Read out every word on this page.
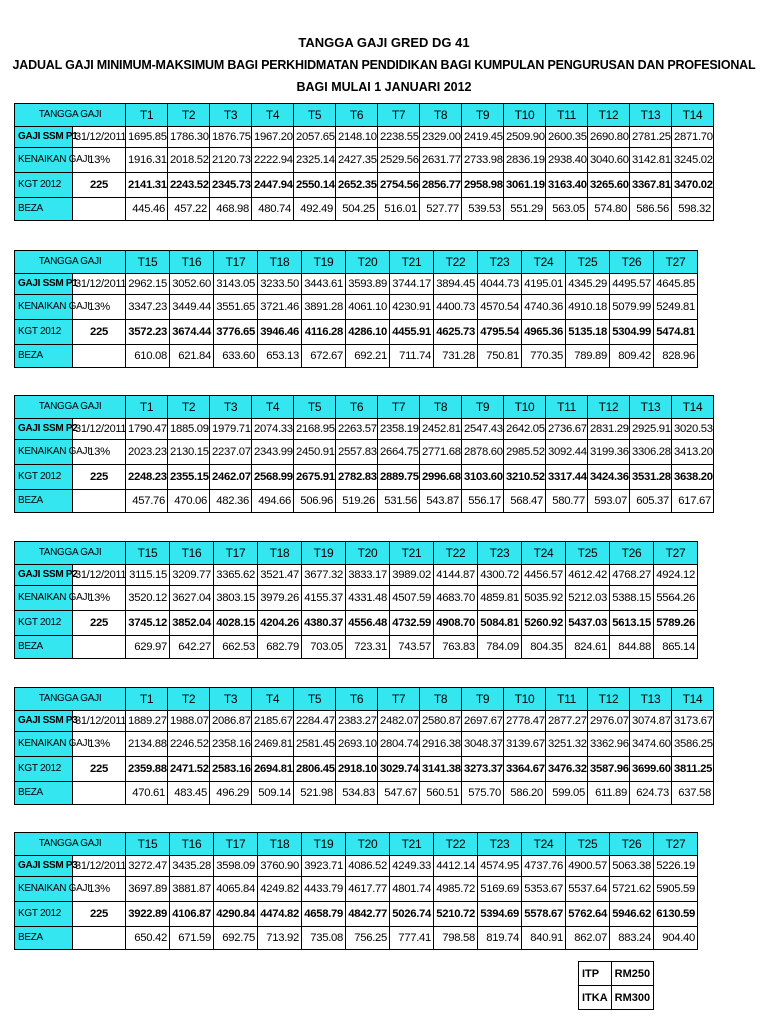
TANGGA GAJI GRED DG 41
JADUAL GAJI MINIMUM-MAKSIMUM BAGI PERKHIDMATAN PENDIDIKAN BAGI KUMPULAN PENGURUSAN DAN PROFESIONAL
BAGI MULAI 1 JANUARI 2012
TANGGA GAJI		T1	T2	T3	T4	T5	T6	T7	T8	T9	T10	T11	T12	T13	T14
GAJI SSM P1	31/12/2011	1695.85	1786.30	1876.75	1967.20	2057.65	2148.10	2238.55	2329.00	2419.45	2509.90	2600.35	2690.80	2781.25	2871.70
KENAIKAN GAJI	13%	1916.31	2018.52	2120.73	2222.94	2325.14	2427.35	2529.56	2631.77	2733.98	2836.19	2938.40	3040.60	3142.81	3245.02
KGT 2012	225	2141.31	2243.52	2345.73	2447.94	2550.14	2652.35	2754.56	2856.77	2958.98	3061.19	3163.40	3265.60	3367.81	3470.02
BEZA		445.46	457.22	468.98	480.74	492.49	504.25	516.01	527.77	539.53	551.29	563.05	574.80	586.56	598.32
TANGGA GAJI		T15	T16	T17	T18	T19	T20	T21	T22	T23	T24	T25	T26	T27
GAJI SSM P1	31/12/2011	2962.15	3052.60	3143.05	3233.50	3443.61	3593.89	3744.17	3894.45	4044.73	4195.01	4345.29	4495.57	4645.85
KENAIKAN GAJI	13%	3347.23	3449.44	3551.65	3721.46	3891.28	4061.10	4230.91	4400.73	4570.54	4740.36	4910.18	5079.99	5249.81
KGT 2012	225	3572.23	3674.44	3776.65	3946.46	4116.28	4286.10	4455.91	4625.73	4795.54	4965.36	5135.18	5304.99	5474.81
BEZA		610.08	621.84	633.60	653.13	672.67	692.21	711.74	731.28	750.81	770.35	789.89	809.42	828.96
TANGGA GAJI		T1	T2	T3	T4	T5	T6	T7	T8	T9	T10	T11	T12	T13	T14
GAJI SSM P2	31/12/2011	1790.47	1885.09	1979.71	2074.33	2168.95	2263.57	2358.19	2452.81	2547.43	2642.05	2736.67	2831.29	2925.91	3020.53
KENAIKAN GAJI	13%	2023.23	2130.15	2237.07	2343.99	2450.91	2557.83	2664.75	2771.68	2878.60	2985.52	3092.44	3199.36	3306.28	3413.20
KGT 2012	225	2248.23	2355.15	2462.07	2568.99	2675.91	2782.83	2889.75	2996.68	3103.60	3210.52	3317.44	3424.36	3531.28	3638.20
BEZA		457.76	470.06	482.36	494.66	506.96	519.26	531.56	543.87	556.17	568.47	580.77	593.07	605.37	617.67
TANGGA GAJI		T15	T16	T17	T18	T19	T20	T21	T22	T23	T24	T25	T26	T27
GAJI SSM P2	31/12/2011	3115.15	3209.77	3365.62	3521.47	3677.32	3833.17	3989.02	4144.87	4300.72	4456.57	4612.42	4768.27	4924.12
KENAIKAN GAJI	13%	3520.12	3627.04	3803.15	3979.26	4155.37	4331.48	4507.59	4683.70	4859.81	5035.92	5212.03	5388.15	5564.26
KGT 2012	225	3745.12	3852.04	4028.15	4204.26	4380.37	4556.48	4732.59	4908.70	5084.81	5260.92	5437.03	5613.15	5789.26
BEZA		629.97	642.27	662.53	682.79	703.05	723.31	743.57	763.83	784.09	804.35	824.61	844.88	865.14
TANGGA GAJI		T1	T2	T3	T4	T5	T6	T7	T8	T9	T10	T11	T12	T13	T14
GAJI SSM P3	31/12/2011	1889.27	1988.07	2086.87	2185.67	2284.47	2383.27	2482.07	2580.87	2697.67	2778.47	2877.27	2976.07	3074.87	3173.67
KENAIKAN GAJI	13%	2134.88	2246.52	2358.16	2469.81	2581.45	2693.10	2804.74	2916.38	3048.37	3139.67	3251.32	3362.96	3474.60	3586.25
KGT 2012	225	2359.88	2471.52	2583.16	2694.81	2806.45	2918.10	3029.74	3141.38	3273.37	3364.67	3476.32	3587.96	3699.60	3811.25
BEZA		470.61	483.45	496.29	509.14	521.98	534.83	547.67	560.51	575.70	586.20	599.05	611.89	624.73	637.58
TANGGA GAJI		T15	T16	T17	T18	T19	T20	T21	T22	T23	T24	T25	T26	T27
GAJI SSM P3	31/12/2011	3272.47	3435.28	3598.09	3760.90	3923.71	4086.52	4249.33	4412.14	4574.95	4737.76	4900.57	5063.38	5226.19
KENAIKAN GAJI	13%	3697.89	3881.87	4065.84	4249.82	4433.79	4617.77	4801.74	4985.72	5169.69	5353.67	5537.64	5721.62	5905.59
KGT 2012	225	3922.89	4106.87	4290.84	4474.82	4658.79	4842.77	5026.74	5210.72	5394.69	5578.67	5762.64	5946.62	6130.59
BEZA		650.42	671.59	692.75	713.92	735.08	756.25	777.41	798.58	819.74	840.91	862.07	883.24	904.40
ITP	RM250
ITKA	RM300
